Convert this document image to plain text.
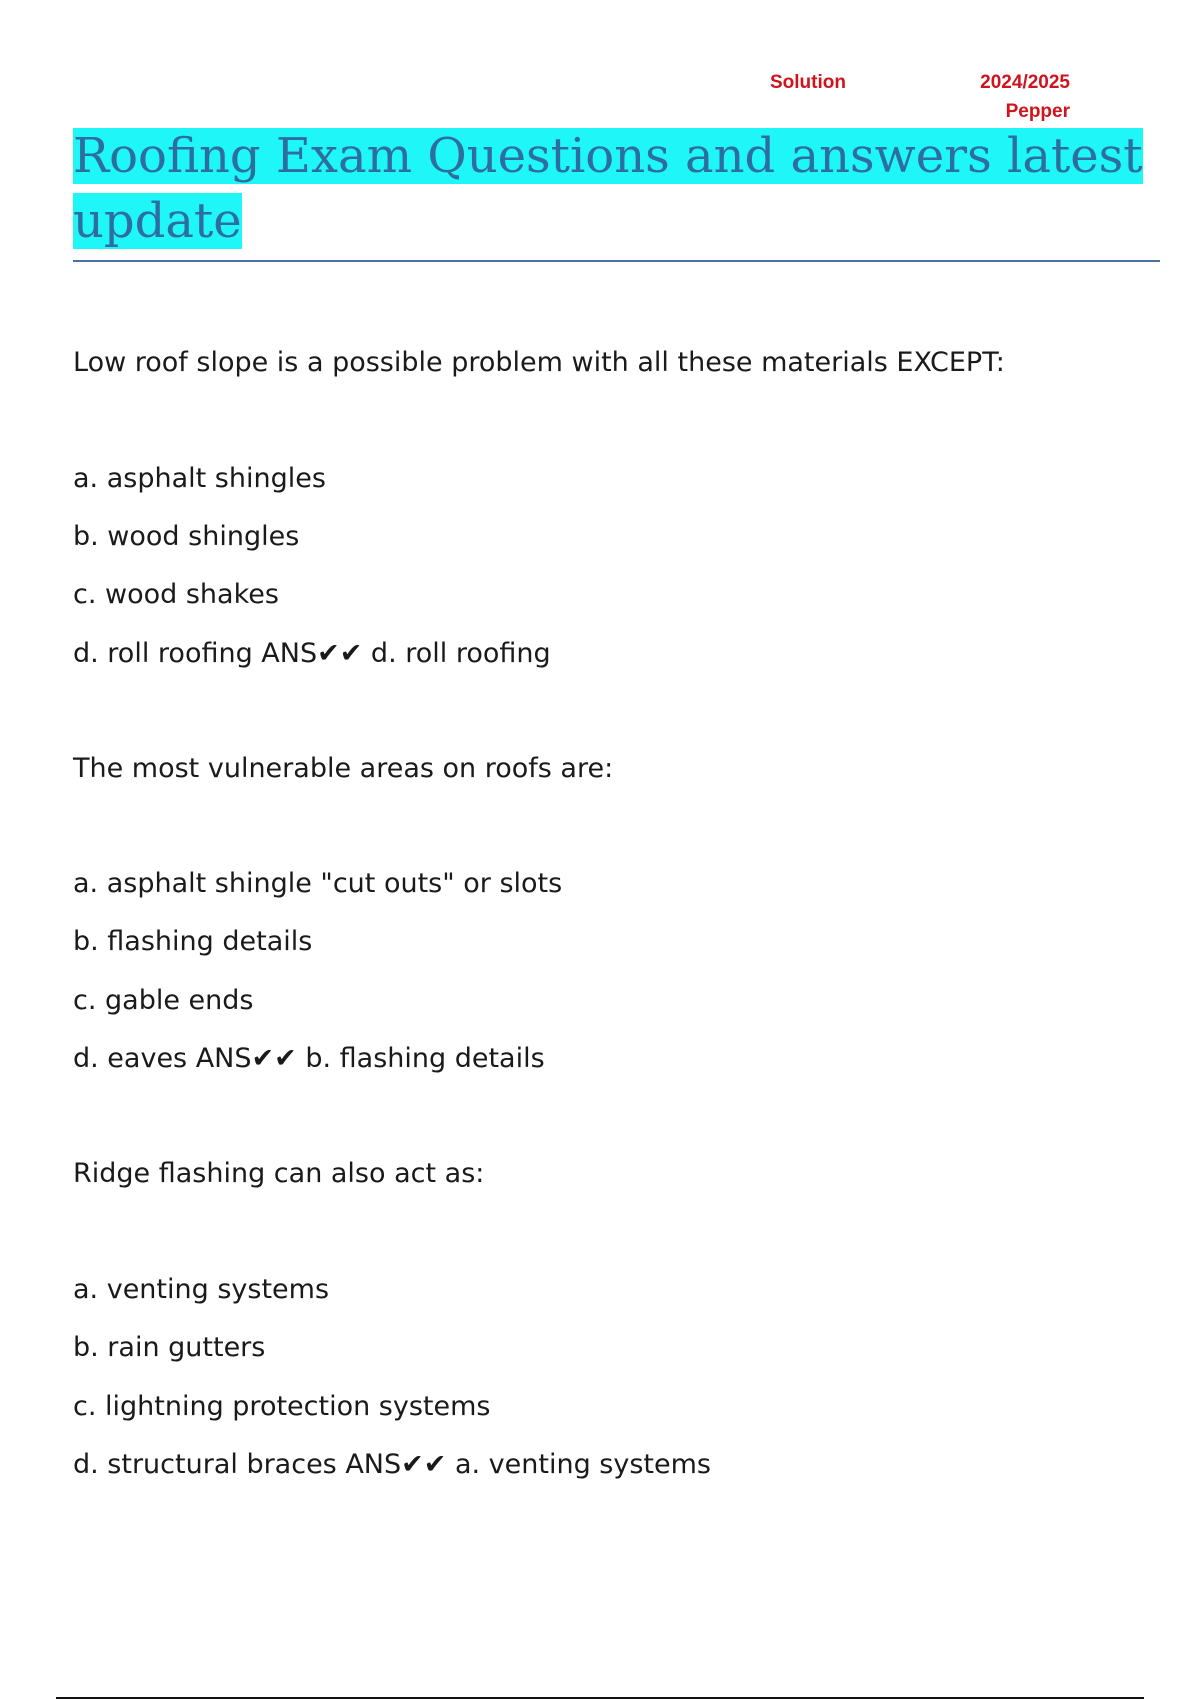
Solution	2024/2025
Pepper
Roofing Exam Questions and answers latest update
Low roof slope is a possible problem with all these materials EXCEPT:
a. asphalt shingles
b. wood shingles
c. wood shakes
d. roll roofing ANS✔✔ d. roll roofing
The most vulnerable areas on roofs are:
a. asphalt shingle "cut outs" or slots
b. flashing details
c. gable ends
d. eaves ANS✔✔ b. flashing details
Ridge flashing can also act as:
a. venting systems
b. rain gutters
c. lightning protection systems
d. structural braces ANS✔✔ a. venting systems
